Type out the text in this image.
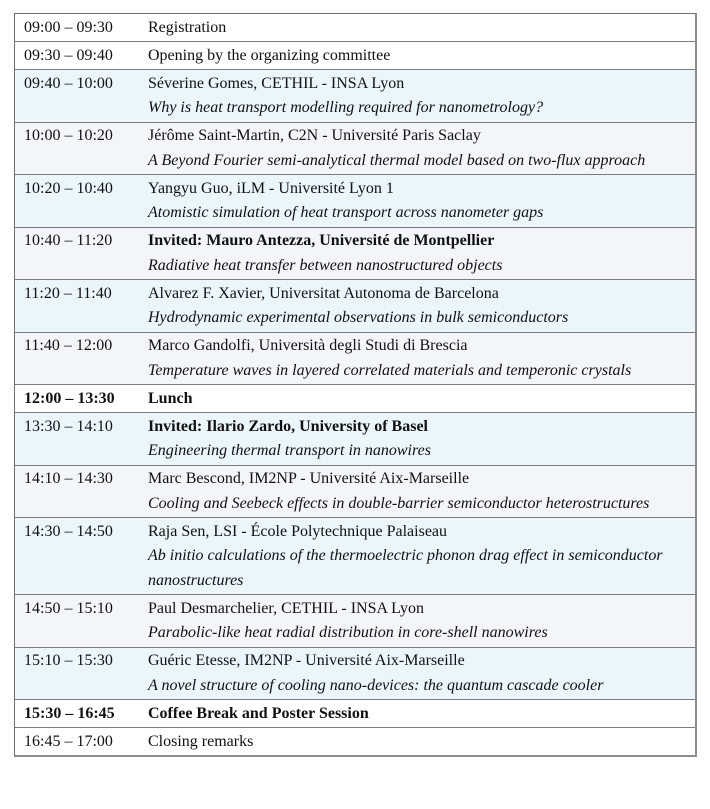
09:00 – 09:30	Registration
09:30 – 09:40	Opening by the organizing committee
09:40 – 10:00	Séverine Gomes, CETHIL - INSA Lyon
Why is heat transport modelling required for nanometrology?
10:00 – 10:20	Jérôme Saint-Martin, C2N - Université Paris Saclay
A Beyond Fourier semi-analytical thermal model based on two-flux approach
10:20 – 10:40	Yangyu Guo, iLM - Université Lyon 1
Atomistic simulation of heat transport across nanometer gaps
10:40 – 11:20	Invited: Mauro Antezza, Université de Montpellier
Radiative heat transfer between nanostructured objects
11:20 – 11:40	Alvarez F. Xavier, Universitat Autonoma de Barcelona
Hydrodynamic experimental observations in bulk semiconductors
11:40 – 12:00	Marco Gandolfi, Università degli Studi di Brescia
Temperature waves in layered correlated materials and temperonic crystals
12:00 – 13:30	Lunch
13:30 – 14:10	Invited: Ilario Zardo, University of Basel
Engineering thermal transport in nanowires
14:10 – 14:30	Marc Bescond, IM2NP - Université Aix-Marseille
Cooling and Seebeck effects in double-barrier semiconductor heterostructures
14:30 – 14:50	Raja Sen, LSI - École Polytechnique Palaiseau
Ab initio calculations of the thermoelectric phonon drag effect in semiconductor nanostructures
14:50 – 15:10	Paul Desmarchelier, CETHIL - INSA Lyon
Parabolic-like heat radial distribution in core-shell nanowires
15:10 – 15:30	Guéric Etesse, IM2NP - Université Aix-Marseille
A novel structure of cooling nano-devices: the quantum cascade cooler
15:30 – 16:45	Coffee Break and Poster Session
16:45 – 17:00	Closing remarks
